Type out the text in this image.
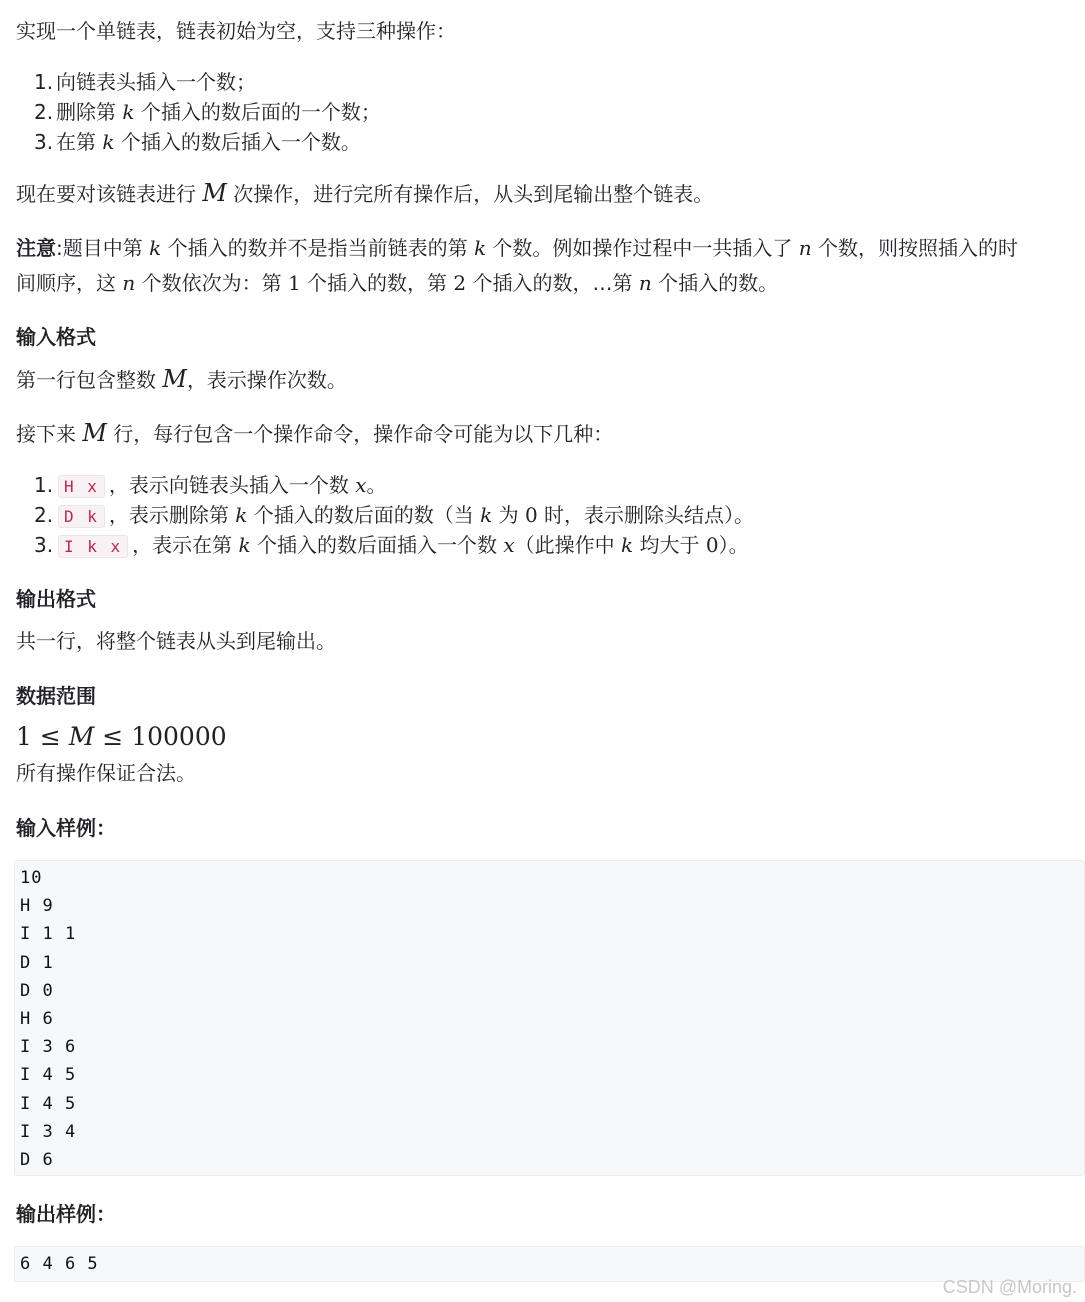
实现一个单链表，链表初始为空，支持三种操作：
1. 向链表头插入一个数；
2. 删除第 k 个插入的数后面的一个数；
3. 在第 k 个插入的数后插入一个数。
现在要对该链表进行 M 次操作，进行完所有操作后，从头到尾输出整个链表。
注意:题目中第 k 个插入的数并不是指当前链表的第 k 个数。例如操作过程中一共插入了 n 个数，则按照插入的时
间顺序，这 n 个数依次为：第 1 个插入的数，第 2 个插入的数，…第 n 个插入的数。
输入格式
第一行包含整数 M，表示操作次数。
接下来 M 行，每行包含一个操作命令，操作命令可能为以下几种：
1. H x ，表示向链表头插入一个数 x。
2. D k ，表示删除第 k 个插入的数后面的数（当 k 为 0 时，表示删除头结点）。
3. I k x ，表示在第 k 个插入的数后面插入一个数 x（此操作中 k 均大于 0）。
输出格式
共一行，将整个链表从头到尾输出。
数据范围
1 ≤ M ≤ 100000
所有操作保证合法。
输入样例：
10
H 9
I 1 1
D 1
D 0
H 6
I 3 6
I 4 5
I 4 5
I 3 4
D 6
输出样例：
6 4 6 5
CSDN @Moring.
